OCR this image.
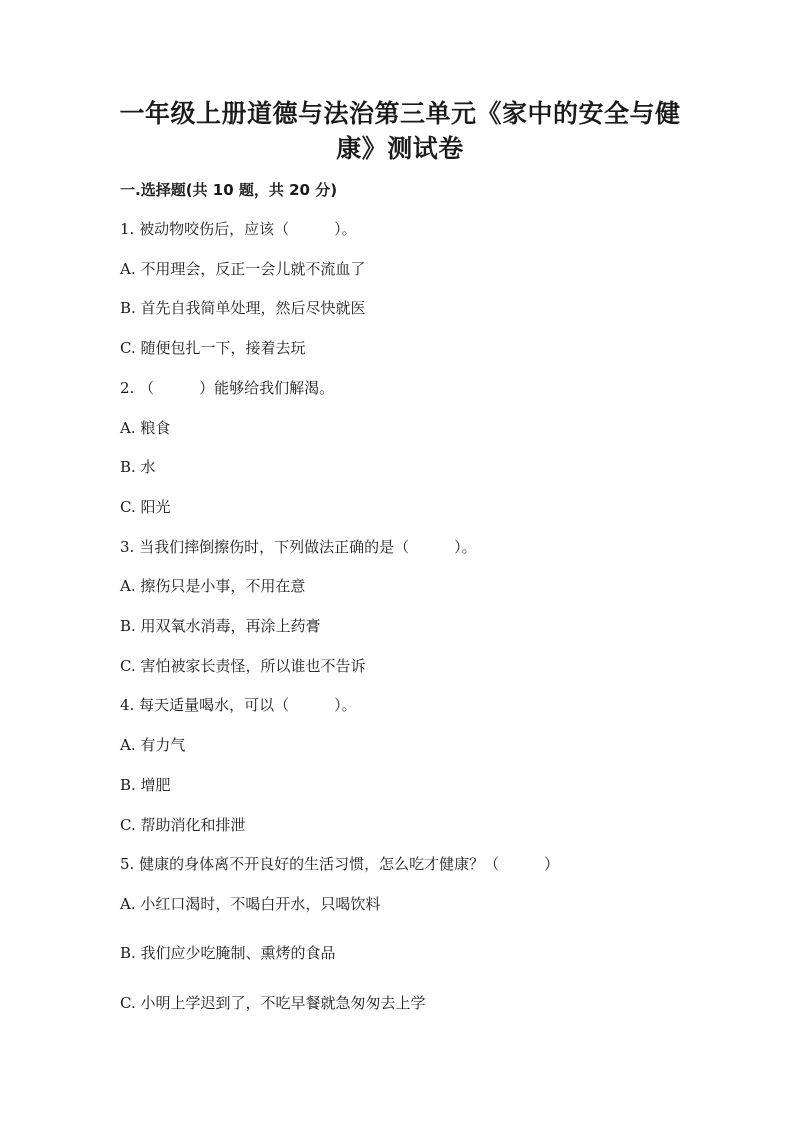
一年级上册道德与法治第三单元《家中的安全与健
康》测试卷
一.选择题(共 10 题，共 20 分)
1. 被动物咬伤后，应该（　　　）。
A. 不用理会，反正一会儿就不流血了
B. 首先自我简单处理，然后尽快就医
C. 随便包扎一下，接着去玩
2. （　　　）能够给我们解渴。
A. 粮食
B. 水
C. 阳光
3. 当我们摔倒擦伤时，下列做法正确的是（　　　）。
A. 擦伤只是小事，不用在意
B. 用双氧水消毒，再涂上药膏
C. 害怕被家长责怪，所以谁也不告诉
4. 每天适量喝水，可以（　　　）。
A. 有力气
B. 增肥
C. 帮助消化和排泄
5. 健康的身体离不开良好的生活习惯，怎么吃才健康？（　　　）
A. 小红口渴时，不喝白开水，只喝饮料
B. 我们应少吃腌制、熏烤的食品
C. 小明上学迟到了，不吃早餐就急匆匆去上学
